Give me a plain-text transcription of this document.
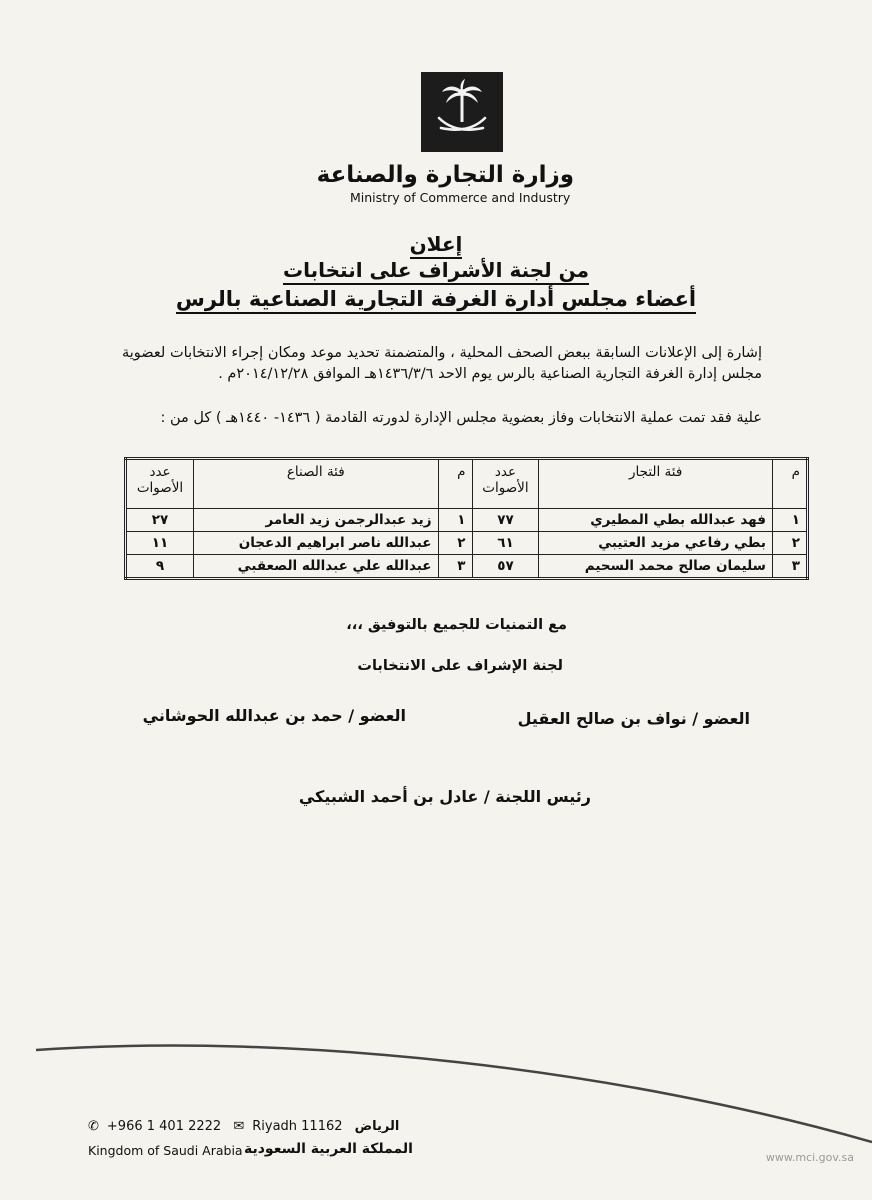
وزارة التجارة والصناعة
Ministry of Commerce and Industry
إعلان
من لجنة الأشراف على انتخابات
أعضاء مجلس أدارة الغرفة التجارية الصناعية بالرس
إشارة إلى الإعلانات السابقة ببعض الصحف المحلية ، والمتضمنة تحديد موعد ومكان إجراء الانتخابات لعضوية مجلس إدارة الغرفة التجارية الصناعية بالرس يوم الاحد ١٤٣٦/٣/٦هـ الموافق ٢٠١٤/١٢/٢٨م .
علية فقد تمت عملية الانتخابات وفاز بعضوية مجلس الإدارة لدورته القادمة ( ١٤٣٦- ١٤٤٠هـ ) كل من :
م	فئة التجار	عدد الأصوات	م	فئة الصناع	عدد الأصوات
١	فهد عبدالله بطي المطيري	٧٧	١	زيد عبدالرجمن زيد العامر	٢٧
٢	بطي رفاعي مزيد العتيبي	٦١	٢	عبدالله ناصر ابراهيم الدعجان	١١
٣	سليمان صالح محمد السحيم	٥٧	٣	عبدالله علي عبدالله الصعقبي	٩
مع التمنيات للجميع بالتوفيق ،،،
لجنة الإشراف على الانتخابات
العضو / نواف بن صالح العقيل
العضو / حمد بن عبدالله الحوشاني
رئيس اللجنة / عادل بن أحمد الشبيكي
✆ +966 1 401 2222 ✉ Riyadh 11162 الرياض
Kingdom of Saudi Arabia المملكة العربية السعودية
www.mci.gov.sa
